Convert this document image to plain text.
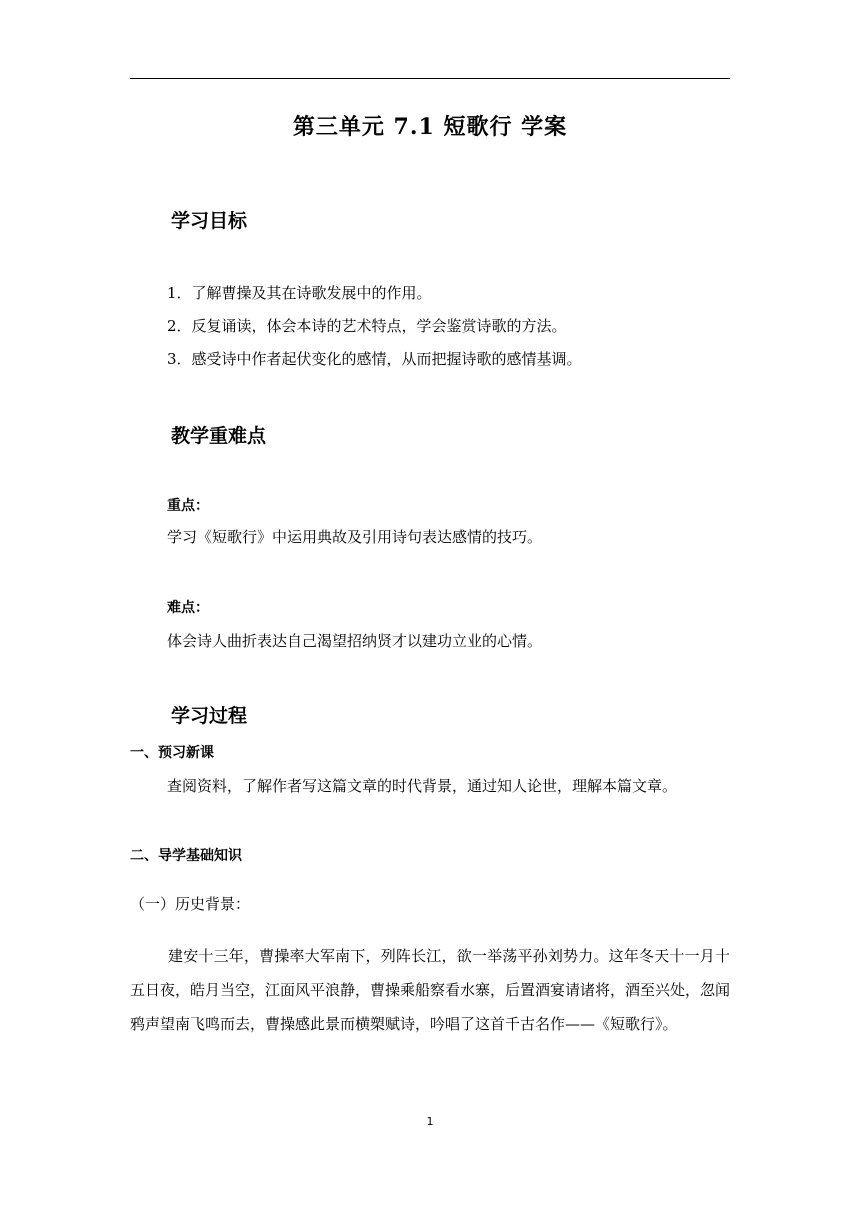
第三单元 7.1 短歌行 学案
学习目标
1．了解曹操及其在诗歌发展中的作用。
2．反复诵读，体会本诗的艺术特点，学会鉴赏诗歌的方法。
3．感受诗中作者起伏变化的感情，从而把握诗歌的感情基调。
教学重难点
重点：
学习《短歌行》中运用典故及引用诗句表达感情的技巧。
难点：
体会诗人曲折表达自己渴望招纳贤才以建功立业的心情。
学习过程
一、预习新课
查阅资料，了解作者写这篇文章的时代背景，通过知人论世，理解本篇文章。
二、导学基础知识
（一）历史背景：
建安十三年，曹操率大军南下，列阵长江，欲一举荡平孙刘势力。这年冬天十一月十五日夜，皓月当空，江面风平浪静，曹操乘船察看水寨，后置酒宴请诸将，酒至兴处，忽闻鸦声望南飞鸣而去，曹操感此景而横槊赋诗，吟唱了这首千古名作——《短歌行》。
1
